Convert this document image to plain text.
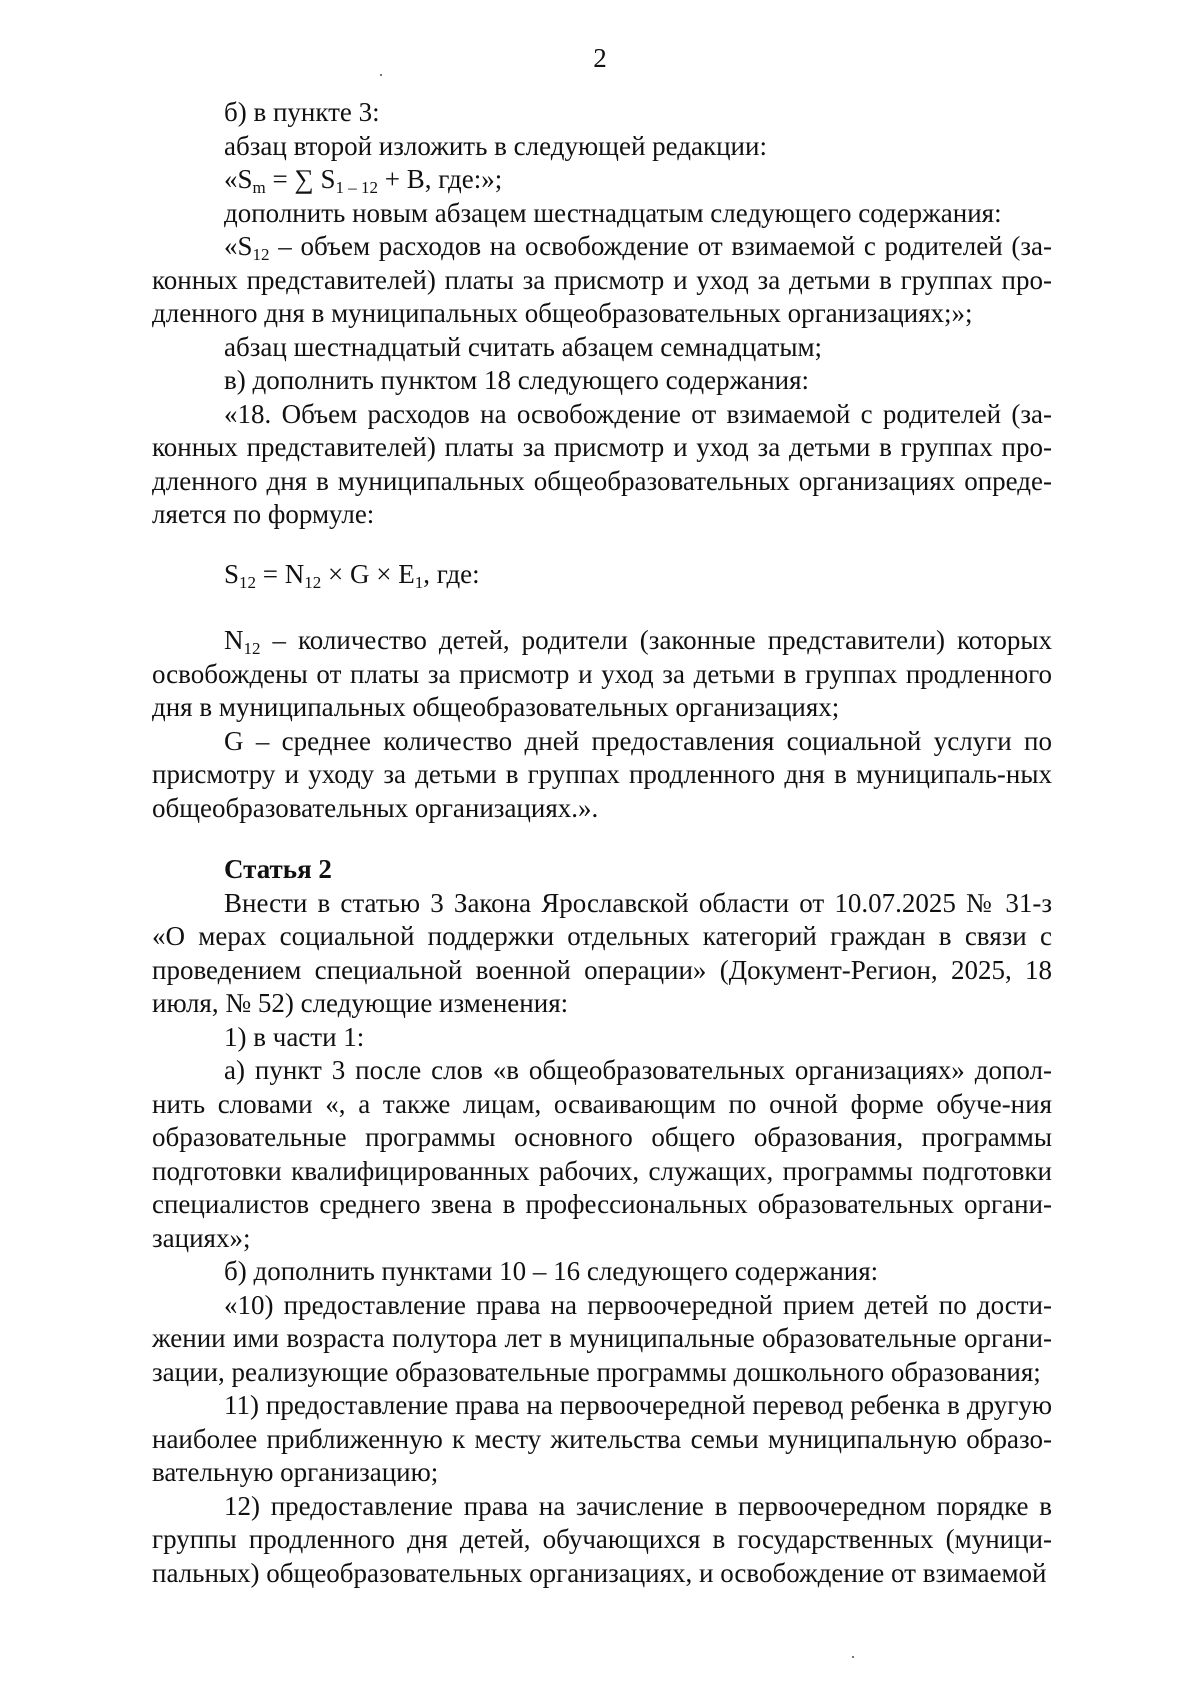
2

б) в пункте 3:

абзац второй изложить в следующей редакции:

«$S_m$ = ∑ $S_{1 - 12} + B$, где:»;

дополнить новым абзацем шестнадцатым следующего содержания:

«$S_{12}$ – объем расходов на освобождение от взимаемой с родителей (за-конных представителей) платы за присмотр и уход за детьми в группах про-дленного дня в муниципальных общеобразовательных организациях;»;

абзац шестнадцатый считать абзацем семнадцатым;

в) дополнить пунктом 18 следующего содержания:

«18. Объем расходов на освобождение от взимаемой с родителей (за-конных представителей) платы за присмотр и уход за детьми в группах про-дленного дня в муниципальных общеобразовательных организациях опреде-ляется по формуле:

$S_{12} = N_{12} \times G \times E_1$, где:

$N_{12}$ – количество детей, родители (законные представители) которых освобождены от платы за присмотр и уход за детьми в группах продленного дня в муниципальных общеобразовательных организациях;

G – среднее количество дней предоставления социальной услуги по присмотру и уходу за детьми в группах продленного дня в муниципаль-ных общеобразовательных организациях.».

Статья 2

Внести в статью 3 Закона Ярославской области от 10.07.2025 № 31-з «О мерах социальной поддержки отдельных категорий граждан в связи с проведением специальной военной операции» (Документ-Регион, 2025, 18 июля, № 52) следующие изменения:

1) в части 1:

а) пункт 3 после слов «в общеобразовательных организациях» допол-нить словами «, а также лицам, осваивающим по очной форме обуче-ния образовательные программы основного общего образования, программы подготовки квалифицированных рабочих, служащих, программы подготовки специалистов среднего звена в профессиональных образовательных органи-зациях»;

б) дополнить пунктами 10 – 16 следующего содержания:

«10) предоставление права на первоочередной прием детей по дости-жении ими возраста полутора лет в муниципальные образовательные органи-зации, реализующие образовательные программы дошкольного образования;

11) предоставление права на первоочередной перевод ребенка в другую наиболее приближенную к месту жительства семьи муниципальную образо-вательную организацию;

12) предоставление права на зачисление в первоочередном порядке в группы продленного дня детей, обучающихся в государственных (муници-пальных) общеобразовательных организациях, и освобождение от взимаемой
